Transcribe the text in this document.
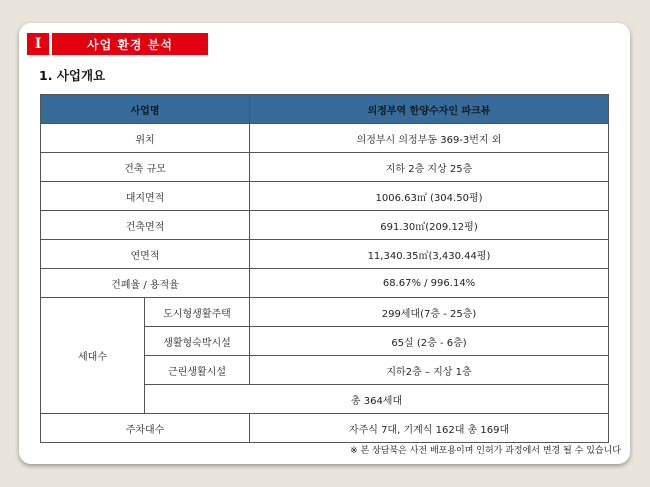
I	사업 환경 분석
1. 사업개요
사업명		의정부역 한양수자인 파크뷰
위치		의정부시 의정부동 369-3번지 외
건축 규모		지하 2층 지상 25층
대지면적		1006.63㎡ (304.50평)
건축면적		691.30㎡(209.12평)
연면적		11,340.35㎡(3,430.44평)
건폐율 / 용적율		68.67% / 996.14%
세대수	도시형생활주택	299세대(7층 - 25층)
	생활형숙박시설	65실 (2층 - 6층)
	근린생활시설	지하2층 – 지상 1층
	총 364세대	
주차대수		자주식 7대, 기계식 162대 총 169대
※ 본 상담북은 사전 배포용이며 인허가 과정에서 변경 될 수 있습니다
